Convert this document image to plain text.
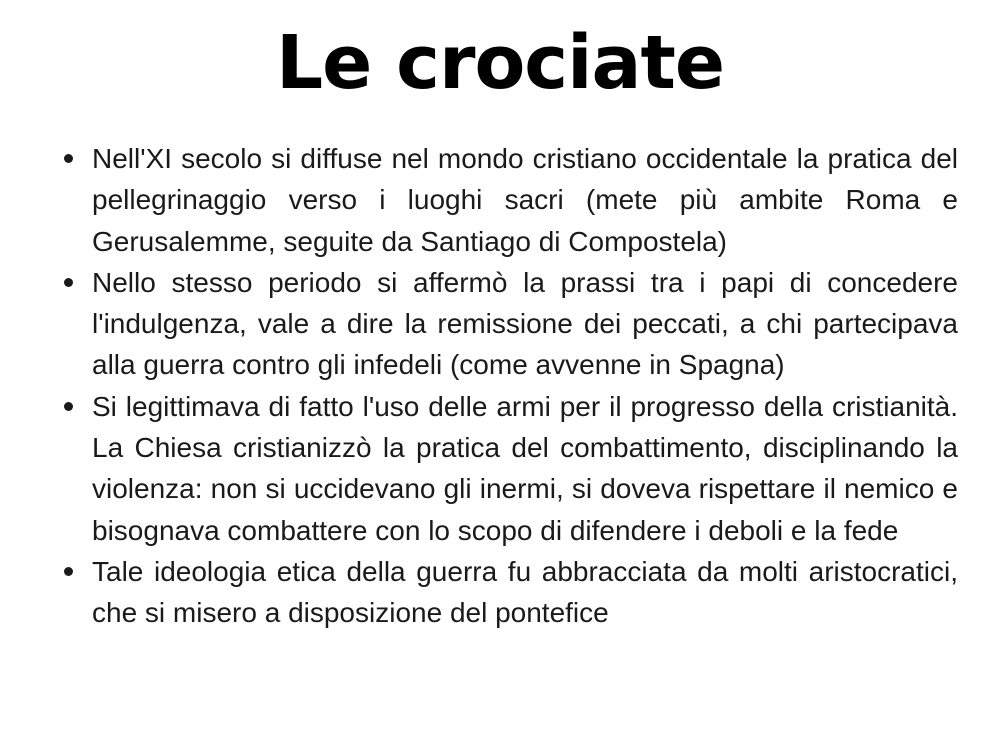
Le crociate
Nell'XI secolo si diffuse nel mondo cristiano occidentale la pratica del pellegrinaggio verso i luoghi sacri (mete più ambite Roma e Gerusalemme, seguite da Santiago di Compostela)
Nello stesso periodo si affermò la prassi tra i papi di concedere l'indulgenza, vale a dire la remissione dei peccati, a chi partecipava alla guerra contro gli infedeli (come avvenne in Spagna)
Si legittimava di fatto l'uso delle armi per il progresso della cristianità. La Chiesa cristianizzò la pratica del combattimento, disciplinando la violenza: non si uccidevano gli inermi, si doveva rispettare il nemico e bisognava combattere con lo scopo di difendere i deboli e la fede
Tale ideologia etica della guerra fu abbracciata da molti aristocratici, che si misero a disposizione del pontefice
